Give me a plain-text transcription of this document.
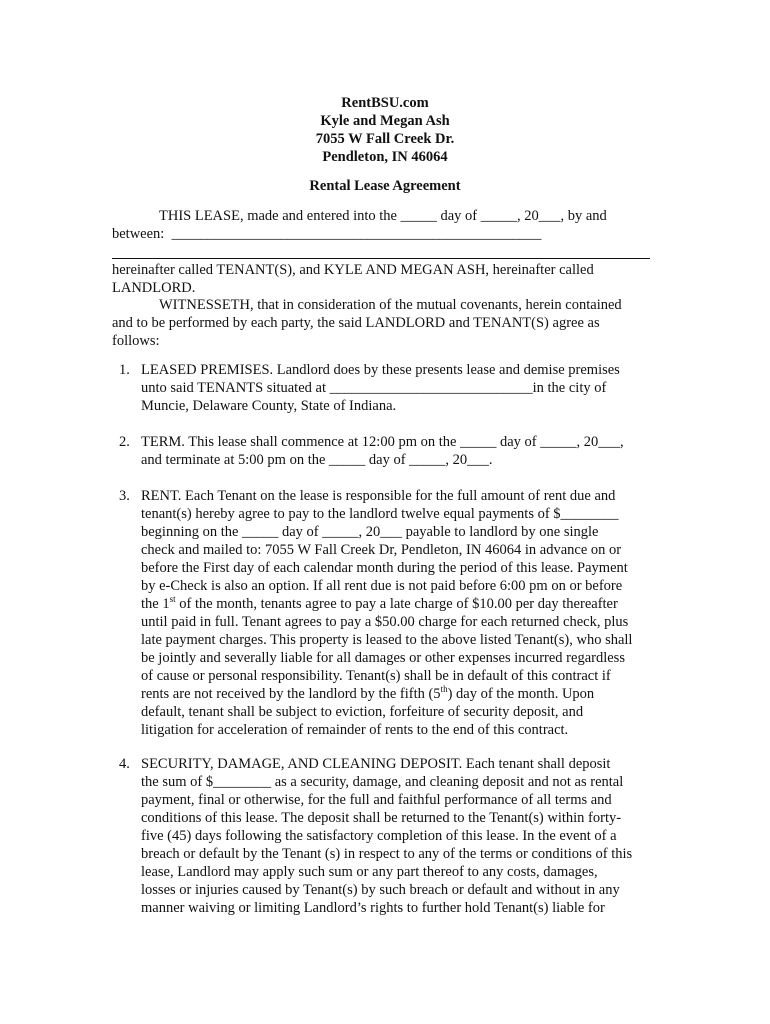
RentBSU.com
Kyle and Megan Ash
7055 W Fall Creek Dr.
Pendleton, IN 46064
Rental Lease Agreement
THIS LEASE, made and entered into the _____ day of _____, 20___, by and
between:  ___________________________________________________
hereinafter called TENANT(S), and KYLE AND MEGAN ASH, hereinafter called
LANDLORD.
WITNESSETH, that in consideration of the mutual covenants, herein contained
and to be performed by each party, the said LANDLORD and TENANT(S) agree as
follows:
1. LEASED PREMISES. Landlord does by these presents lease and demise premises
unto said TENANTS situated at ____________________________in the city of
Muncie, Delaware County, State of Indiana.
2. TERM. This lease shall commence at 12:00 pm on the _____ day of _____, 20___,
and terminate at 5:00 pm on the _____ day of _____, 20___.
3. RENT. Each Tenant on the lease is responsible for the full amount of rent due and
tenant(s) hereby agree to pay to the landlord twelve equal payments of $________
beginning on the _____ day of _____, 20___ payable to landlord by one single
check and mailed to: 7055 W Fall Creek Dr, Pendleton, IN 46064 in advance on or
before the First day of each calendar month during the period of this lease. Payment
by e-Check is also an option. If all rent due is not paid before 6:00 pm on or before
the 1st of the month, tenants agree to pay a late charge of $10.00 per day thereafter
until paid in full. Tenant agrees to pay a $50.00 charge for each returned check, plus
late payment charges. This property is leased to the above listed Tenant(s), who shall
be jointly and severally liable for all damages or other expenses incurred regardless
of cause or personal responsibility. Tenant(s) shall be in default of this contract if
rents are not received by the landlord by the fifth (5th) day of the month. Upon
default, tenant shall be subject to eviction, forfeiture of security deposit, and
litigation for acceleration of remainder of rents to the end of this contract.
4. SECURITY, DAMAGE, AND CLEANING DEPOSIT. Each tenant shall deposit
the sum of $________ as a security, damage, and cleaning deposit and not as rental
payment, final or otherwise, for the full and faithful performance of all terms and
conditions of this lease. The deposit shall be returned to the Tenant(s) within forty-
five (45) days following the satisfactory completion of this lease. In the event of a
breach or default by the Tenant (s) in respect to any of the terms or conditions of this
lease, Landlord may apply such sum or any part thereof to any costs, damages,
losses or injuries caused by Tenant(s) by such breach or default and without in any
manner waiving or limiting Landlord’s rights to further hold Tenant(s) liable for
